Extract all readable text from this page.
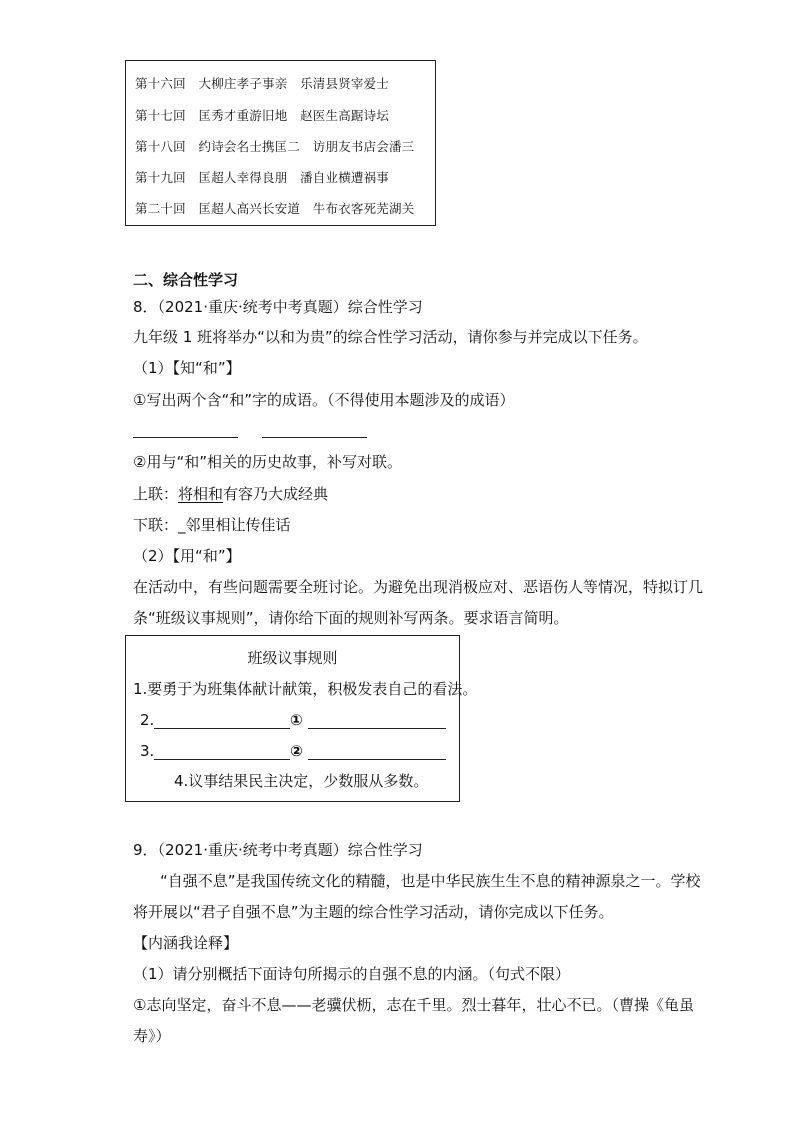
第十六回　大柳庄孝子事亲　乐清县贤宰爱士
第十七回　匡秀才重游旧地　赵医生高踞诗坛
第十八回　约诗会名士携匡二　访朋友书店会潘三
第十九回　匡超人幸得良朋　潘自业横遭祸事
第二十回　匡超人高兴长安道　牛布衣客死芜湖关
二、综合性学习
8．（2021·重庆·统考中考真题）综合性学习
九年级 1 班将举办“以和为贵”的综合性学习活动，请你参与并完成以下任务。
（1）【知“和”】
①写出两个含“和”字的成语。（不得使用本题涉及的成语）
②用与“和”相关的历史故事，补写对联。
上联：将相和有容乃大成经典
下联：_邻里相让传佳话
（2）【用“和”】
在活动中，有些问题需要全班讨论。为避免出现消极应对、恶语伤人等情况，特拟订几
条“班级议事规则”，请你给下面的规则补写两条。要求语言简明。
班级议事规则
1.要勇于为班集体献计献策，积极发表自己的看法。
2.	①
3.	②
4.议事结果民主决定，少数服从多数。
9．（2021·重庆·统考中考真题）综合性学习
“自强不息”是我国传统文化的精髓，也是中华民族生生不息的精神源泉之一。学校
将开展以“君子自强不息”为主题的综合性学习活动，请你完成以下任务。
【内涵我诠释】
（1）请分别概括下面诗句所揭示的自强不息的内涵。（句式不限）
①志向坚定，奋斗不息——老骥伏枥，志在千里。烈士暮年，壮心不已。（曹操《龟虽
寿》）
